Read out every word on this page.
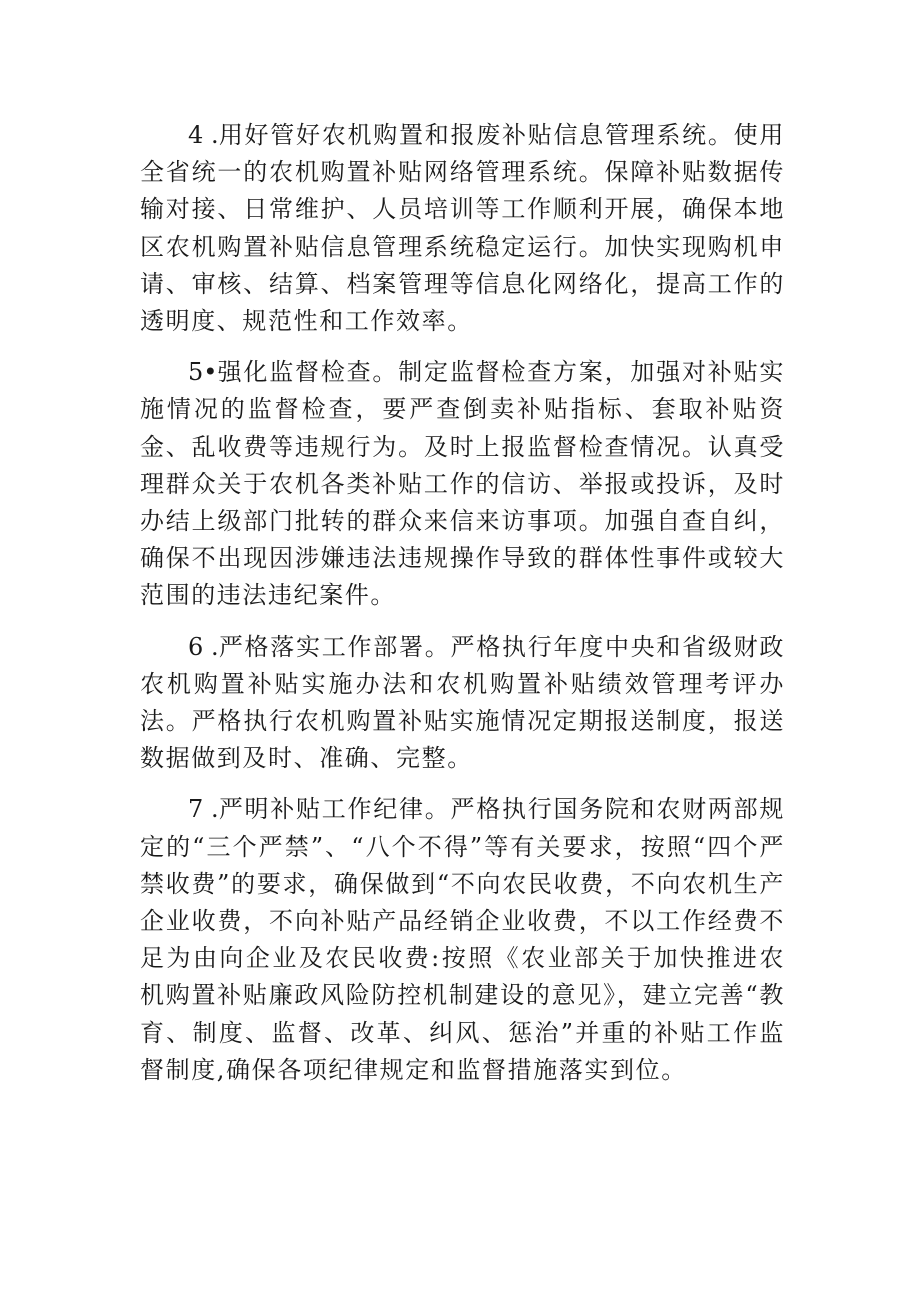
4 .用好管好农机购置和报废补贴信息管理系统。使用全省统一的农机购置补贴网络管理系统。保障补贴数据传输对接、日常维护、人员培训等工作顺利开展，确保本地区农机购置补贴信息管理系统稳定运行。加快实现购机申请、审核、结算、档案管理等信息化网络化，提高工作的透明度、规范性和工作效率。

5•强化监督检查。制定监督检查方案，加强对补贴实施情况的监督检查，要严查倒卖补贴指标、套取补贴资金、乱收费等违规行为。及时上报监督检查情况。认真受理群众关于农机各类补贴工作的信访、举报或投诉，及时办结上级部门批转的群众来信来访事项。加强自查自纠，确保不出现因涉嫌违法违规操作导致的群体性事件或较大范围的违法违纪案件。

6 .严格落实工作部署。严格执行年度中央和省级财政农机购置补贴实施办法和农机购置补贴绩效管理考评办法。严格执行农机购置补贴实施情况定期报送制度，报送数据做到及时、准确、完整。

7 .严明补贴工作纪律。严格执行国务院和农财两部规定的“三个严禁”、“八个不得”等有关要求，按照“四个严禁收费”的要求，确保做到“不向农民收费，不向农机生产企业收费，不向补贴产品经销企业收费，不以工作经费不足为由向企业及农民收费:按照《农业部关于加快推进农机购置补贴廉政风险防控机制建设的意见》，建立完善“教育、制度、监督、改革、纠风、惩治”并重的补贴工作监督制度,确保各项纪律规定和监督措施落实到位。
